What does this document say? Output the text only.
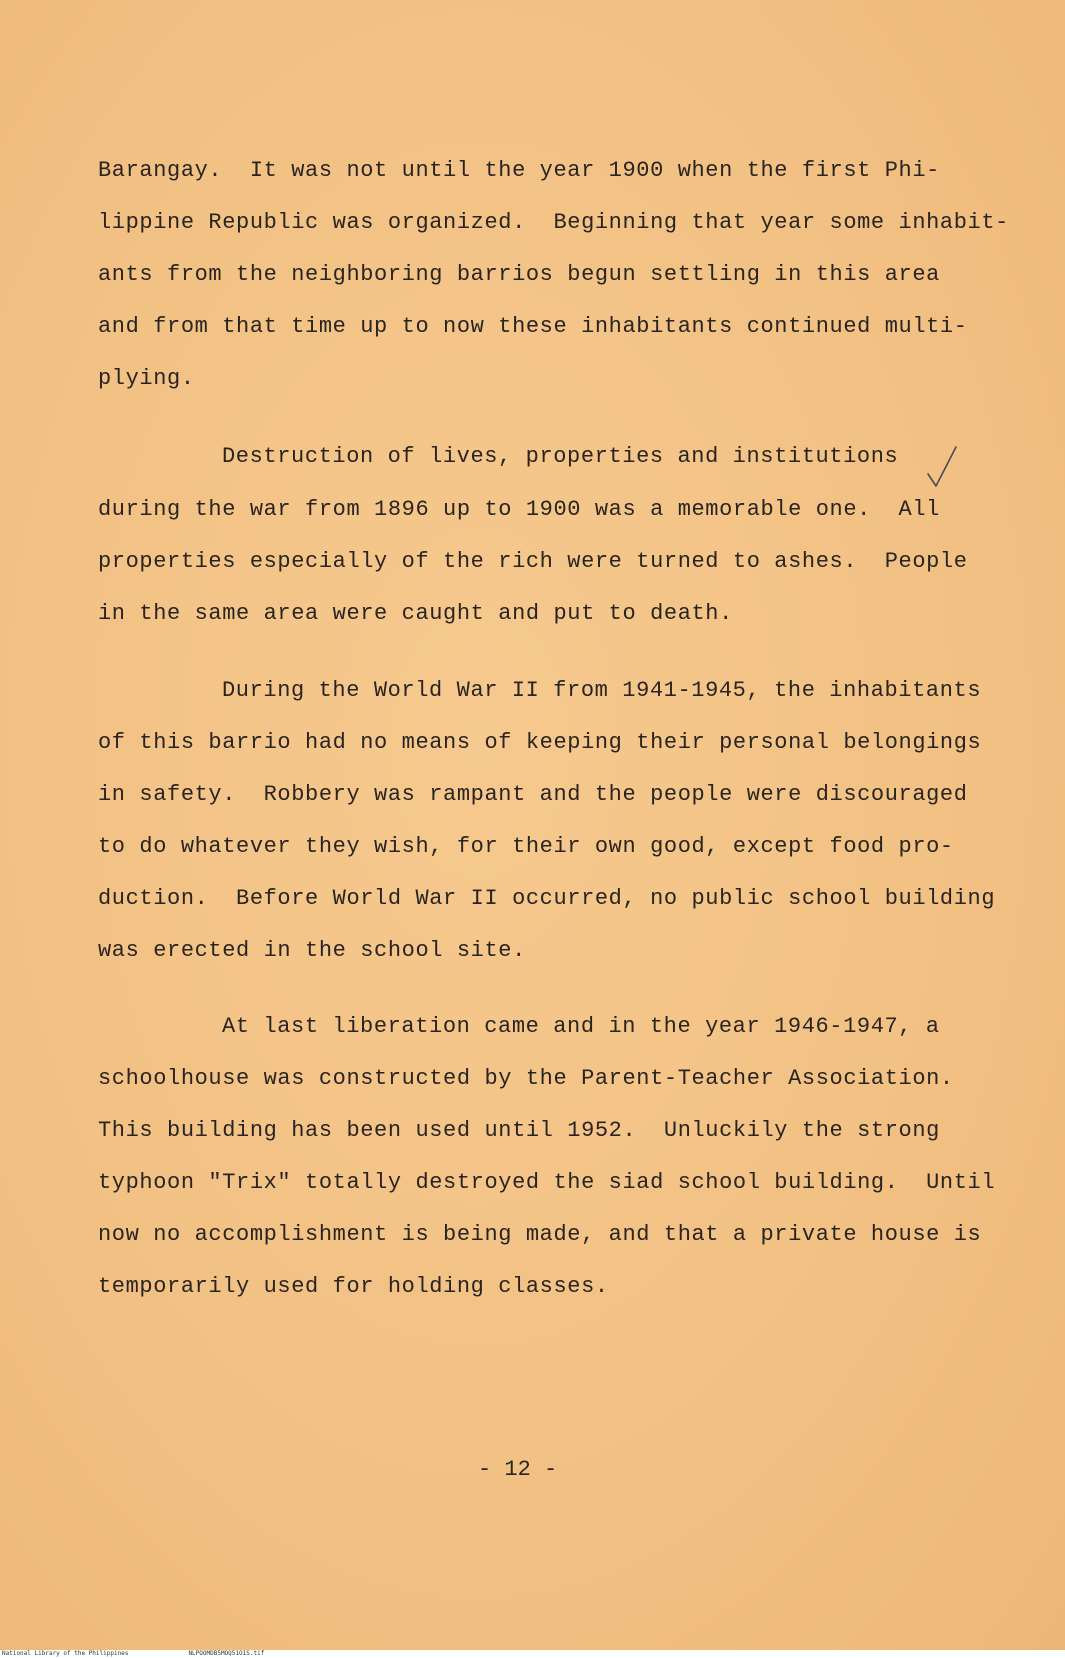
Barangay.  It was not until the year 1900 when the first Phi-

lippine Republic was organized.  Beginning that year some inhabit-

ants from the neighboring barrios begun settling in this area

and from that time up to now these inhabitants continued multi-

plying.

Destruction of lives, properties and institutions

during the war from 1896 up to 1900 was a memorable one.  All

properties especially of the rich were turned to ashes.  People

in the same area were caught and put to death.

During the World War II from 1941-1945, the inhabitants

of this barrio had no means of keeping their personal belongings

in safety.  Robbery was rampant and the people were discouraged

to do whatever they wish, for their own good, except food pro-

duction.  Before World War II occurred, no public school building

was erected in the school site.

At last liberation came and in the year 1946-1947, a

schoolhouse was constructed by the Parent-Teacher Association.

This building has been used until 1952.  Unluckily the strong

typhoon "Trix" totally destroyed the siad school building.  Until

now no accomplishment is being made, and that a private house is

temporarily used for holding classes.

- 12 -

National Library of the Philippines	NLPOOMDB5MOQ51O1S.tif
